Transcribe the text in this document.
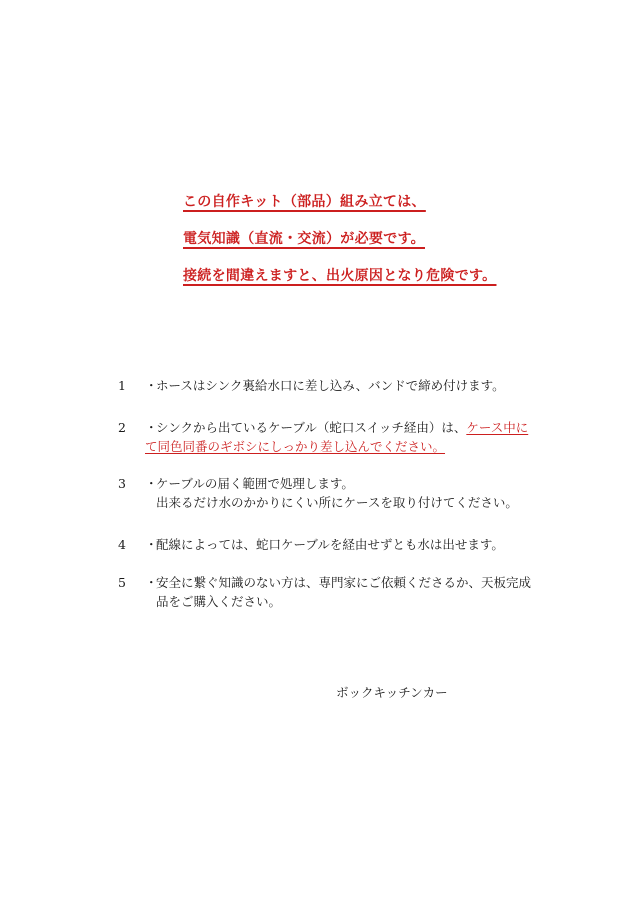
この自作キット（部品）組み立ては、
電気知識（直流・交流）が必要です。
接続を間違えますと、出火原因となり危険です。
1	・
ホースはシンク裏給水口に差し込み、バンドで締め付けます。
2	・
シンクから出ているケーブル（蛇口スイッチ経由）は、ケース中に
て同色同番のギボシにしっかり差し込んでください。
3	・
ケーブルの届く範囲で処理します。
出来るだけ水のかかりにくい所にケースを取り付けてください。
4	・
配線によっては、蛇口ケーブルを経由せずとも水は出せます。
5	・
安全に繋ぐ知識のない方は、専門家にご依頼くださるか、天板完成
品をご購入ください。
ボックキッチンカー
